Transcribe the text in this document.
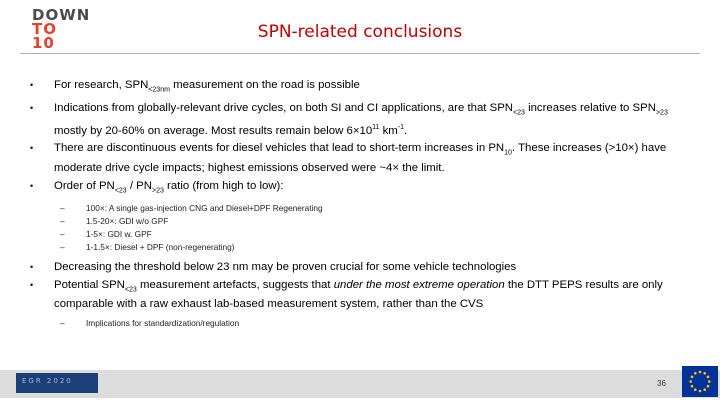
DOWN
TO
10
SPN-related conclusions
• For research, $SPN_{<23nm}$ measurement on the road is possible
• Indications from globally-relevant drive cycles, on both SI and CI applications, are that $SPN_{<23}$ increases relative to $SPN_{>23}$ mostly by 20-60% on average. Most results remain below $6\times 10^{11}$ $km^{-1}$.
• There are discontinuous events for diesel vehicles that lead to short-term increases in $PN_{10}$. These increases (>10×) have moderate drive cycle impacts; highest emissions observed were ~4× the limit.
• Order of $PN_{<23} / PN_{>23}$ ratio (from high to low):
–	100×: A single gas-injection CNG and Diesel+DPF Regenerating
–	1.5-20×: GDI w/o GPF
–	1-5×: GDI w. GPF
–	1-1.5×: Diesel + DPF (non-regenerating)
• Decreasing the threshold below 23 nm may be proven crucial for some vehicle technologies
• Potential $SPN_{<23}$ measurement artefacts, suggests that under the most extreme operation the DTT PEPS results are only comparable with a raw exhaust lab-based measurement system, rather than the CVS
–	Implications for standardization/regulation
EGR 2020	36
